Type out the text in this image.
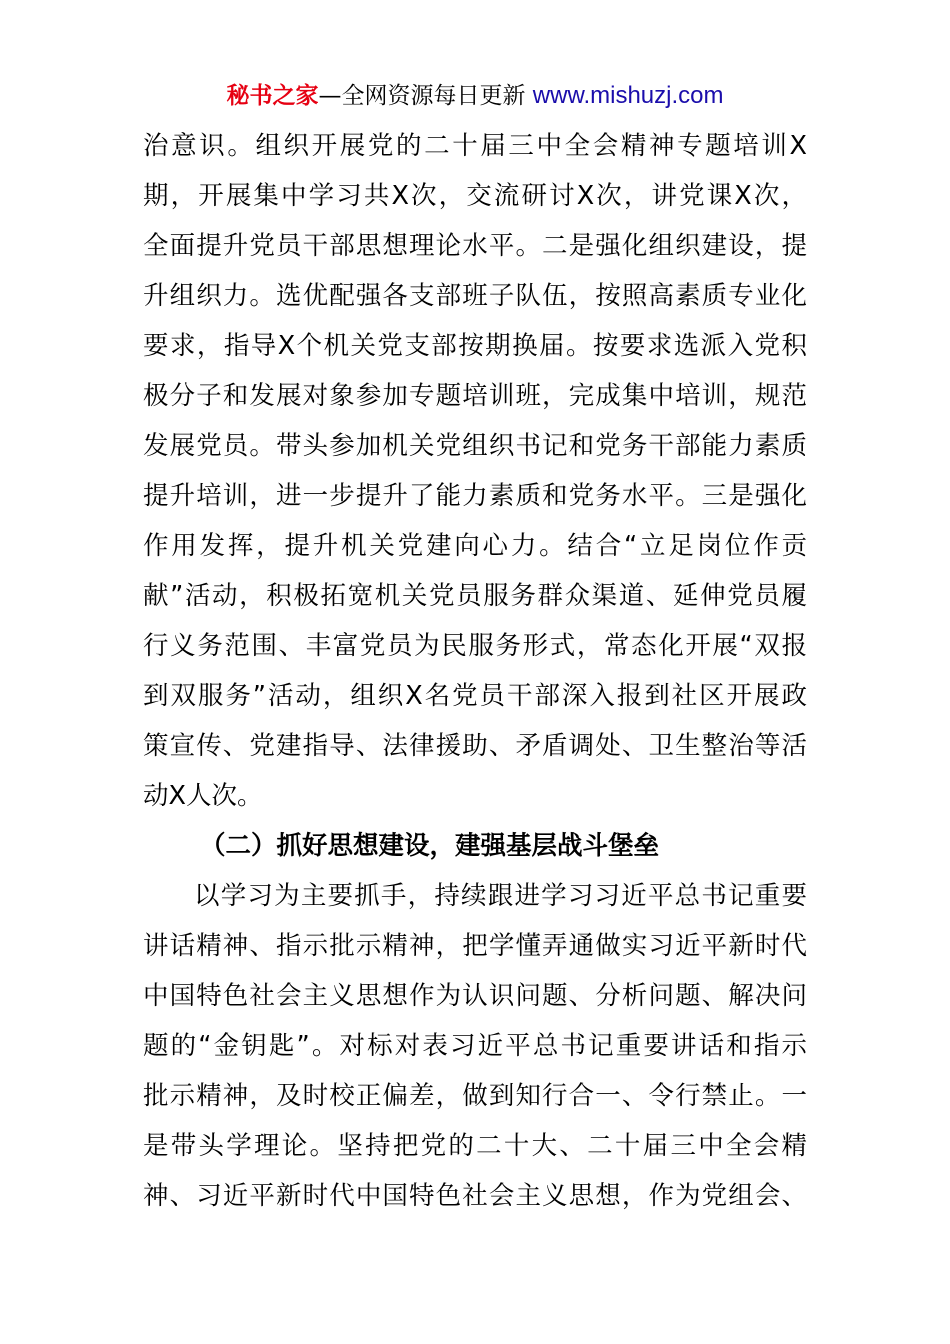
秘书之家—全网资源每日更新 www.mishuzj.com
治意识。组织开展党的二十届三中全会精神专题培训X
期，开展集中学习共X次，交流研讨X次，讲党课X次，
全面提升党员干部思想理论水平。二是强化组织建设，提
升组织力。选优配强各支部班子队伍，按照高素质专业化
要求，指导X个机关党支部按期换届。按要求选派入党积
极分子和发展对象参加专题培训班，完成集中培训，规范
发展党员。带头参加机关党组织书记和党务干部能力素质
提升培训，进一步提升了能力素质和党务水平。三是强化
作用发挥，提升机关党建向心力。结合“立足岗位作贡
献”活动，积极拓宽机关党员服务群众渠道、延伸党员履
行义务范围、丰富党员为民服务形式，常态化开展“双报
到双服务”活动，组织X名党员干部深入报到社区开展政
策宣传、党建指导、法律援助、矛盾调处、卫生整治等活
动X人次。
（二）抓好思想建设，建强基层战斗堡垒
以学习为主要抓手，持续跟进学习习近平总书记重要
讲话精神、指示批示精神，把学懂弄通做实习近平新时代
中国特色社会主义思想作为认识问题、分析问题、解决问
题的“金钥匙”。对标对表习近平总书记重要讲话和指示
批示精神，及时校正偏差，做到知行合一、令行禁止。一
是带头学理论。坚持把党的二十大、二十届三中全会精
神、习近平新时代中国特色社会主义思想，作为党组会、
